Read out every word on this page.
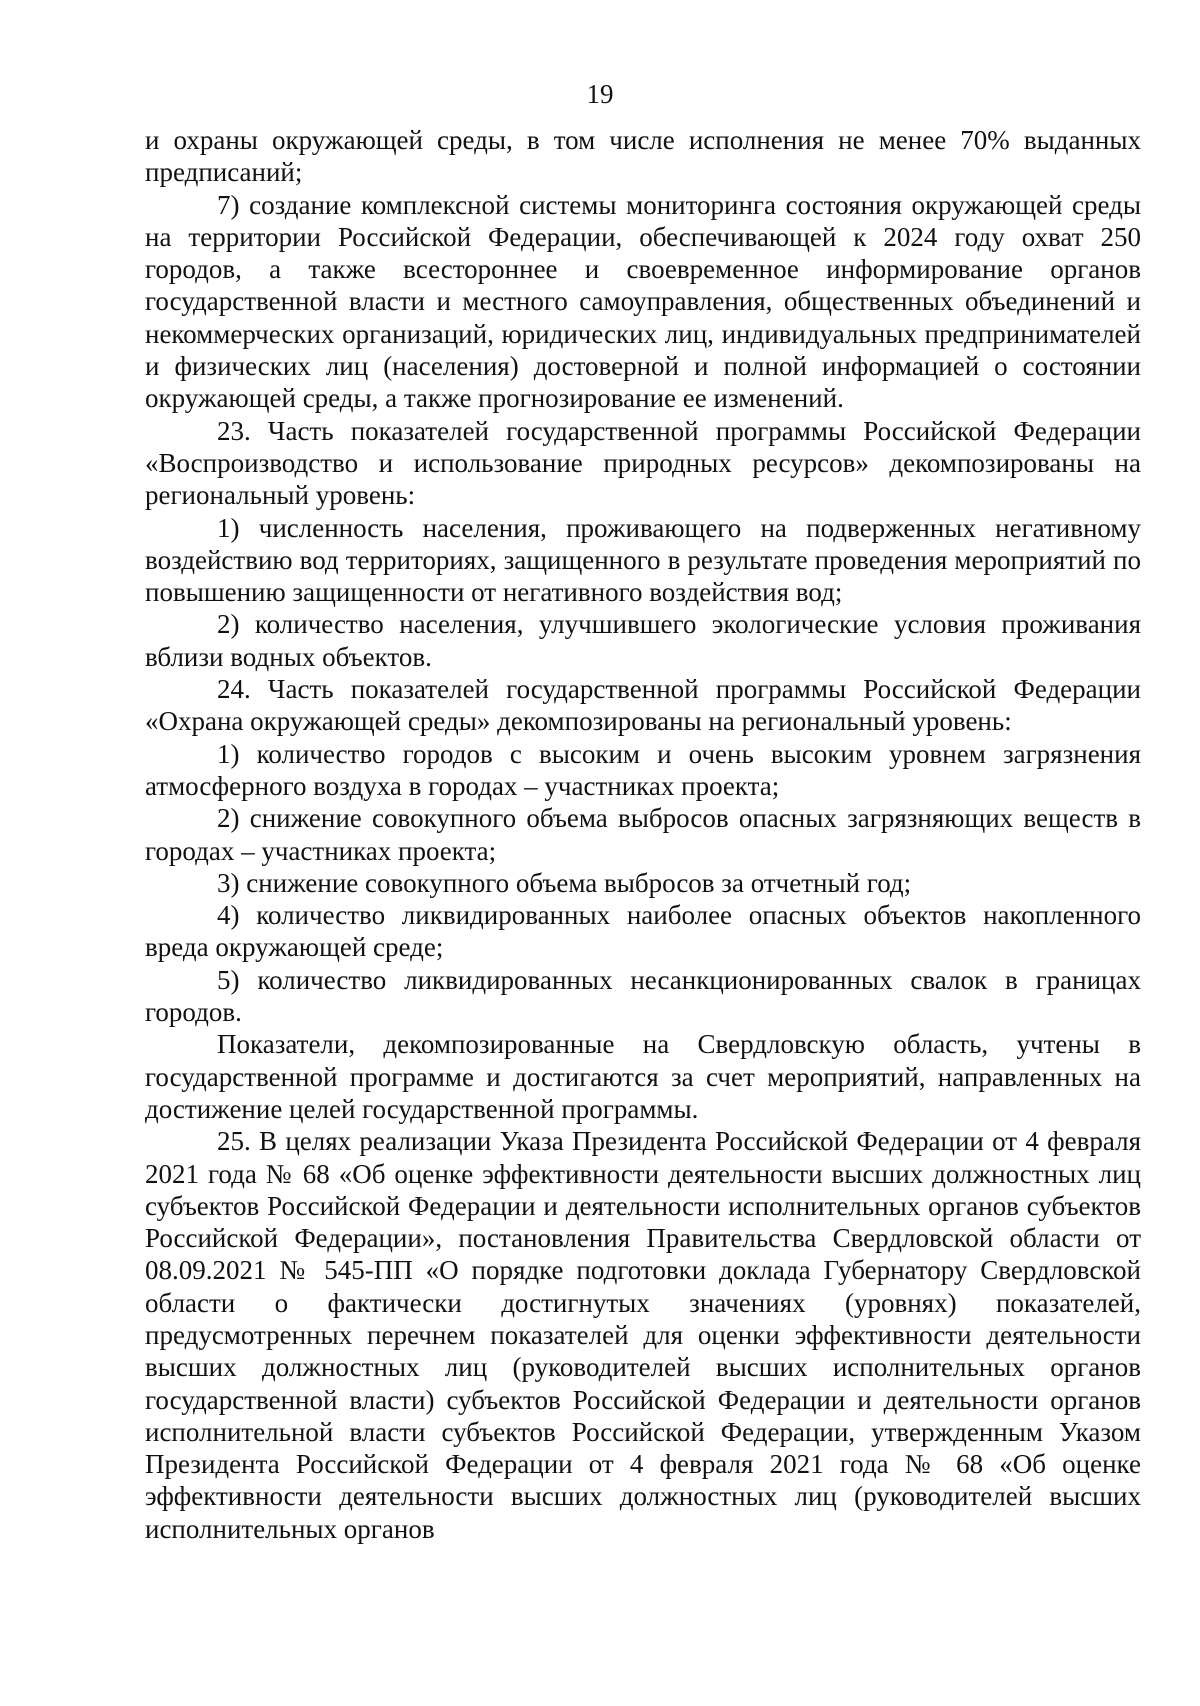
19

и охраны окружающей среды, в том числе исполнения не менее 70% выданных предписаний;

7) создание комплексной системы мониторинга состояния окружающей среды на территории Российской Федерации, обеспечивающей к 2024 году охват 250 городов, а также всестороннее и своевременное информирование органов государственной власти и местного самоуправления, общественных объединений и некоммерческих организаций, юридических лиц, индивидуальных предпринимателей и физических лиц (населения) достоверной и полной информацией о состоянии окружающей среды, а также прогнозирование ее изменений.

23. Часть показателей государственной программы Российской Федерации «Воспроизводство и использование природных ресурсов» декомпозированы на региональный уровень:

1) численность населения, проживающего на подверженных негативному воздействию вод территориях, защищенного в результате проведения мероприятий по повышению защищенности от негативного воздействия вод;

2) количество населения, улучшившего экологические условия проживания вблизи водных объектов.

24. Часть показателей государственной программы Российской Федерации «Охрана окружающей среды» декомпозированы на региональный уровень:

1) количество городов с высоким и очень высоким уровнем загрязнения атмосферного воздуха в городах – участниках проекта;

2) снижение совокупного объема выбросов опасных загрязняющих веществ в городах – участниках проекта;

3) снижение совокупного объема выбросов за отчетный год;

4) количество ликвидированных наиболее опасных объектов накопленного вреда окружающей среде;

5) количество ликвидированных несанкционированных свалок в границах городов.

Показатели, декомпозированные на Свердловскую область, учтены в государственной программе и достигаются за счет мероприятий, направленных на достижение целей государственной программы.

25. В целях реализации Указа Президента Российской Федерации от 4 февраля 2021 года № 68 «Об оценке эффективности деятельности высших должностных лиц субъектов Российской Федерации и деятельности исполнительных органов субъектов Российской Федерации», постановления Правительства Свердловской области от 08.09.2021 № 545-ПП «О порядке подготовки доклада Губернатору Свердловской области о фактически достигнутых значениях (уровнях) показателей, предусмотренных перечнем показателей для оценки эффективности деятельности высших должностных лиц (руководителей высших исполнительных органов государственной власти) субъектов Российской Федерации и деятельности органов исполнительной власти субъектов Российской Федерации, утвержденным Указом Президента Российской Федерации от 4 февраля 2021 года № 68 «Об оценке эффективности деятельности высших должностных лиц (руководителей высших исполнительных органов
